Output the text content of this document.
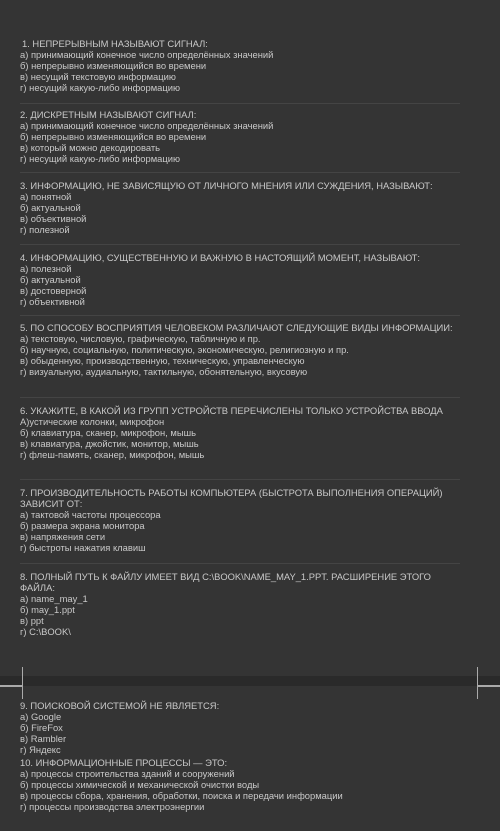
1. НЕПРЕРЫВНЫМ НАЗЫВАЮТ СИГНАЛ:
а) принимающий конечное число определённых значений
б) непрерывно изменяющийся во времени
в) несущий текстовую информацию
г) несущий какую-либо информацию
2. ДИСКРЕТНЫМ НАЗЫВАЮТ СИГНАЛ:
а) принимающий конечное число определённых значений
б) непрерывно изменяющийся во времени
в) который можно декодировать
г) несущий какую-либо информацию
3. ИНФОРМАЦИЮ, НЕ ЗАВИСЯЩУЮ ОТ ЛИЧНОГО МНЕНИЯ ИЛИ СУЖДЕНИЯ, НАЗЫВАЮТ:
а) понятной
б) актуальной
в) объективной
г) полезной
4. ИНФОРМАЦИЮ, СУЩЕСТВЕННУЮ И ВАЖНУЮ В НАСТОЯЩИЙ МОМЕНТ, НАЗЫВАЮТ:
а) полезной
б) актуальной
в) достоверной
г) объективной
5. ПО СПОСОБУ ВОСПРИЯТИЯ ЧЕЛОВЕКОМ РАЗЛИЧАЮТ СЛЕДУЮЩИЕ ВИДЫ ИНФОРМАЦИИ:
а) текстовую, числовую, графическую, табличную и пр.
б) научную, социальную, политическую, экономическую, религиозную и пр.
в) обыденную, производственную, техническую, управленческую
г) визуальную, аудиальную, тактильную, обонятельную, вкусовую
6. УКАЖИТЕ, В КАКОЙ ИЗ ГРУПП УСТРОЙСТВ ПЕРЕЧИСЛЕНЫ ТОЛЬКО УСТРОЙСТВА ВВОДА
А)устические колонки, микрофон
б) клавиатура, сканер, микрофон, мышь
в) клавиатура, джойстик, монитор, мышь
г) флеш-память, сканер, микрофон, мышь
7. ПРОИЗВОДИТЕЛЬНОСТЬ РАБОТЫ КОМПЬЮТЕРА (БЫСТРОТА ВЫПОЛНЕНИЯ ОПЕРАЦИЙ) ЗАВИСИТ ОТ:
а) тактовой частоты процессора
б) размера экрана монитора
в) напряжения сети
г) быстроты нажатия клавиш
8. ПОЛНЫЙ ПУТЬ К ФАЙЛУ ИМЕЕТ ВИД C:\BOOK\NAME_MAY_1.PPT. РАСШИРЕНИЕ ЭТОГО ФАЙЛА:
а) name_may_1
б) may_1.ppt
в) ppt
г) C:\BOOK\
9. ПОИСКОВОЙ СИСТЕМОЙ НЕ ЯВЛЯЕТСЯ:
а) Google
б) FireFox
в) Rambler
г) Яндекс
10. ИНФОРМАЦИОННЫЕ ПРОЦЕССЫ — ЭТО:
а) процессы строительства зданий и сооружений
б) процессы химической и механической очистки воды
в) процессы сбора, хранения, обработки, поиска и передачи информации
г) процессы производства электроэнергии
